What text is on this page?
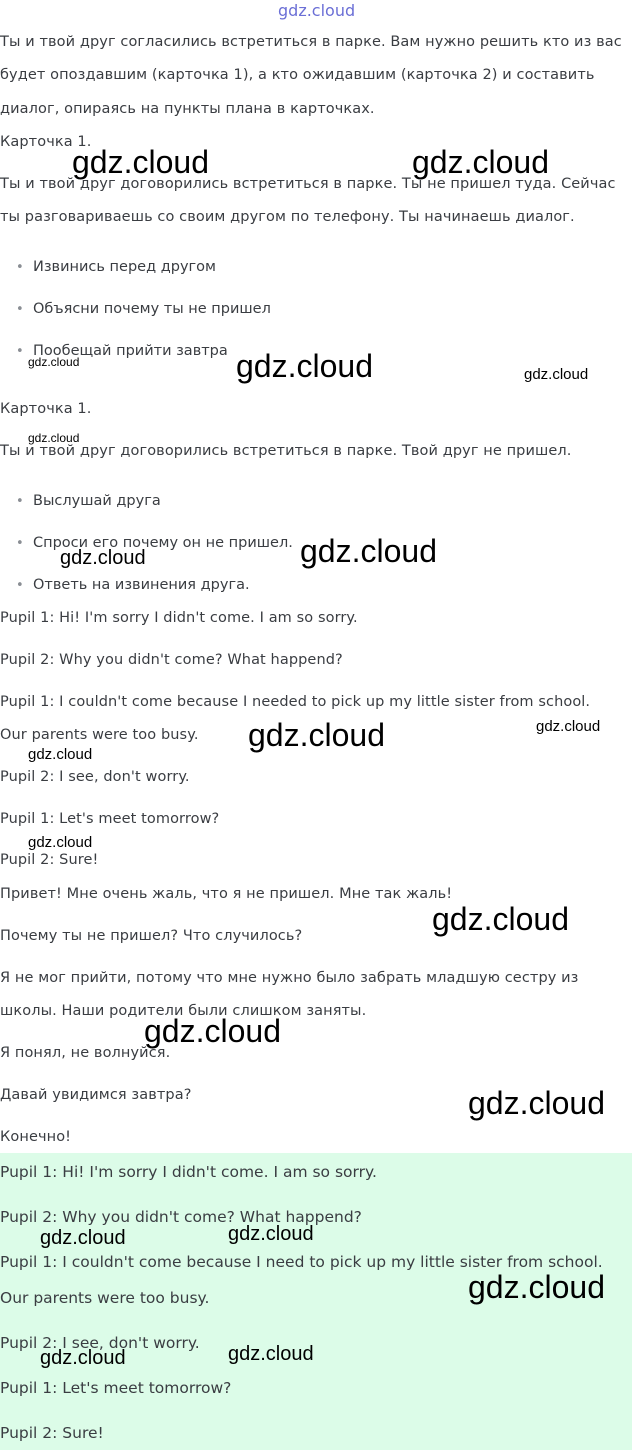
gdz.cloud
Ты и твой друг согласились встретиться в парке. Вам нужно решить кто из вас
будет опоздавшим (карточка 1), а кто ожидавшим (карточка 2) и составить
диалог, опираясь на пункты плана в карточках.
Карточка 1.
Ты и твой друг договорились встретиться в парке. Ты не пришел туда. Сейчас
ты разговариваешь со своим другом по телефону. Ты начинаешь диалог.
• Извинись перед другом
• Объясни почему ты не пришел
• Пообещай прийти завтра
Карточка 1.
Ты и твой друг договорились встретиться в парке. Твой друг не пришел.
• Выслушай друга
• Спроси его почему он не пришел.
• Ответь на извинения друга.
Pupil 1: Hi! I'm sorry I didn't come. I am so sorry.
Pupil 2: Why you didn't come? What happend?
Pupil 1: I couldn't come because I needed to pick up my little sister from school.
Our parents were too busy.
Pupil 2: I see, don't worry.
Pupil 1: Let's meet tomorrow?
Pupil 2: Sure!
Привет! Мне очень жаль, что я не пришел. Мне так жаль!
Почему ты не пришел? Что случилось?
Я не мог прийти, потому что мне нужно было забрать младшую сестру из
школы. Наши родители были слишком заняты.
Я понял, не волнуйся.
Давай увидимся завтра?
Конечно!
Pupil 1: Hi! I'm sorry I didn't come. I am so sorry.
Pupil 2: Why you didn't come? What happend?
Pupil 1: I couldn't come because I need to pick up my little sister from school.
Our parents were too busy.
Pupil 2: I see, don't worry.
Pupil 1: Let's meet tomorrow?
Pupil 2: Sure!
gdz.cloud	gdz.cloud
gdz.cloud
gdz.cloud
gdz.cloud
gdz.cloud
gdz.cloud
gdz.cloud
gdz.cloud
gdz.cloud
gdz.cloud
gdz.cloud
gdz.cloud
gdz.cloud
gdz.cloud
gdz.cloud
gdz.cloud
gdz.cloud
gdz.cloud
gdz.cloud
